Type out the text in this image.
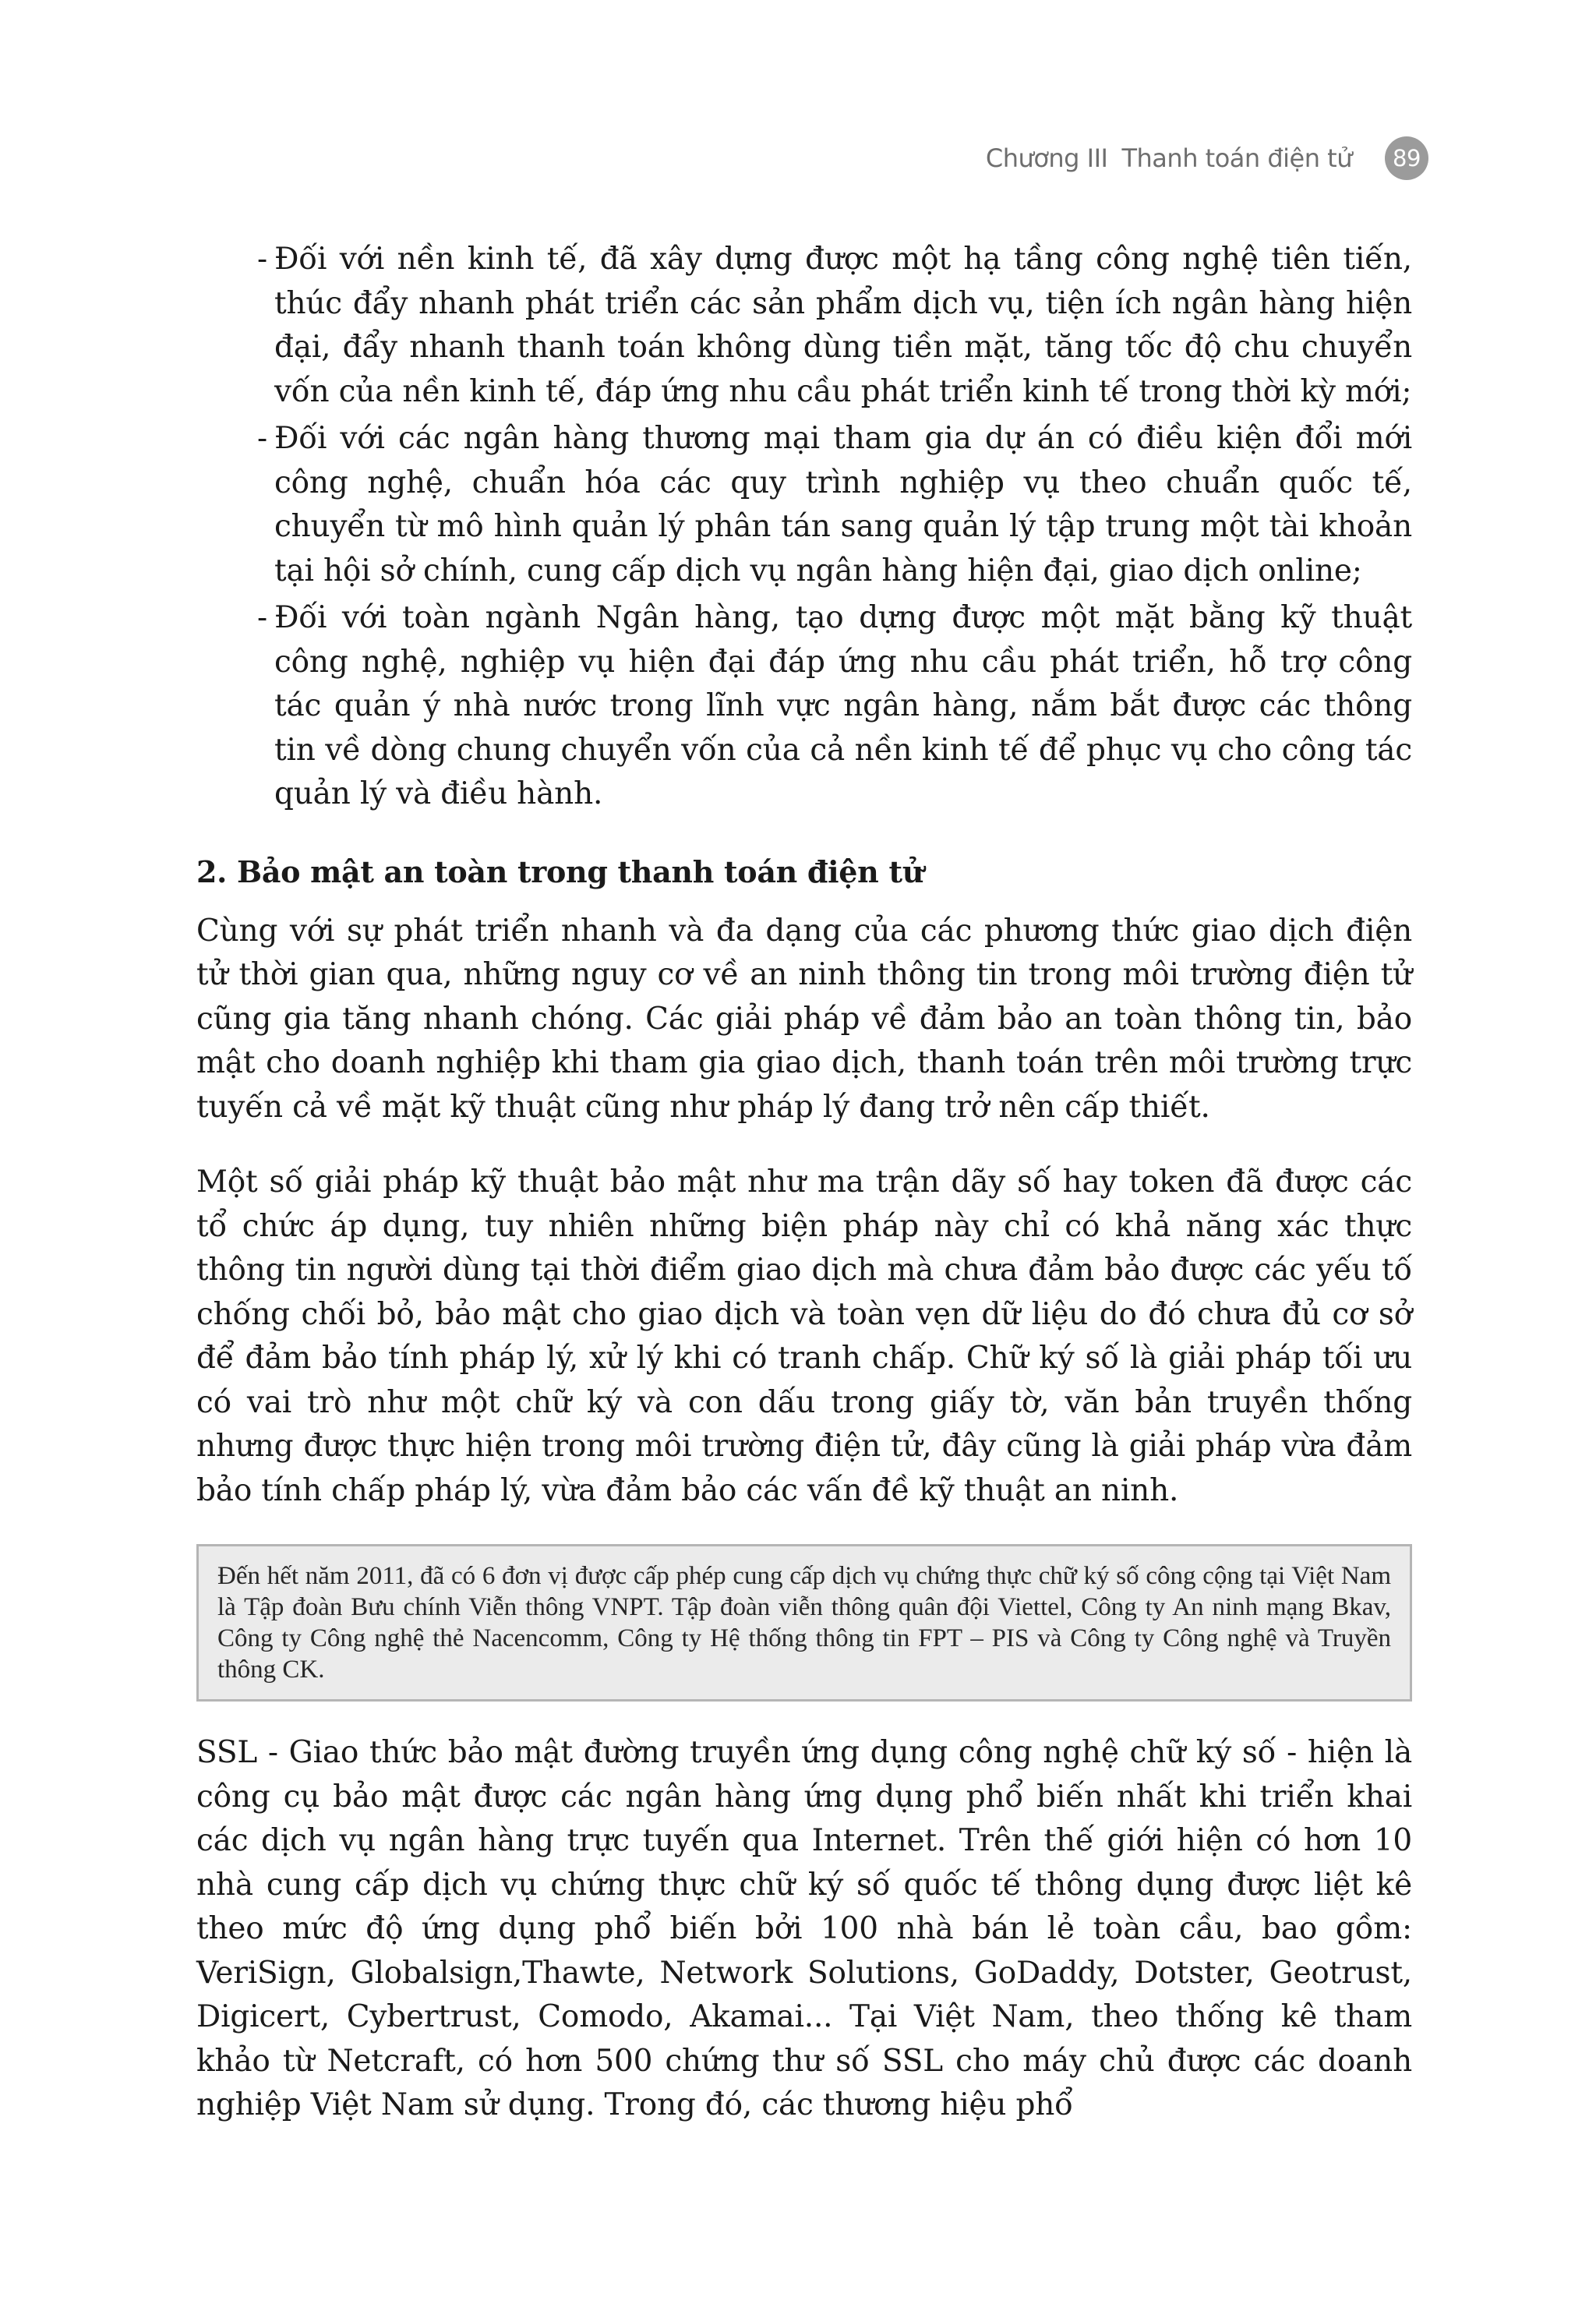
Chương III Thanh toán điện tử	89
- Đối với nền kinh tế, đã xây dựng được một hạ tầng công nghệ tiên tiến, thúc đẩy nhanh phát triển các sản phẩm dịch vụ, tiện ích ngân hàng hiện đại, đẩy nhanh thanh toán không dùng tiền mặt, tăng tốc độ chu chuyển vốn của nền kinh tế, đáp ứng nhu cầu phát triển kinh tế trong thời kỳ mới;
- Đối với các ngân hàng thương mại tham gia dự án có điều kiện đổi mới công nghệ, chuẩn hóa các quy trình nghiệp vụ theo chuẩn quốc tế, chuyển từ mô hình quản lý phân tán sang quản lý tập trung một tài khoản tại hội sở chính, cung cấp dịch vụ ngân hàng hiện đại, giao dịch online;
- Đối với toàn ngành Ngân hàng, tạo dựng được một mặt bằng kỹ thuật công nghệ, nghiệp vụ hiện đại đáp ứng nhu cầu phát triển, hỗ trợ công tác quản ý nhà nước trong lĩnh vực ngân hàng, nắm bắt được các thông tin về dòng chung chuyển vốn của cả nền kinh tế để phục vụ cho công tác quản lý và điều hành.
2. Bảo mật an toàn trong thanh toán điện tử

Cùng với sự phát triển nhanh và đa dạng của các phương thức giao dịch điện tử thời gian qua, những nguy cơ về an ninh thông tin trong môi trường điện tử cũng gia tăng nhanh chóng. Các giải pháp về đảm bảo an toàn thông tin, bảo mật cho doanh nghiệp khi tham gia giao dịch, thanh toán trên môi trường trực tuyến cả về mặt kỹ thuật cũng như pháp lý đang trở nên cấp thiết.

Một số giải pháp kỹ thuật bảo mật như ma trận dãy số hay token đã được các tổ chức áp dụng, tuy nhiên những biện pháp này chỉ có khả năng xác thực thông tin người dùng tại thời điểm giao dịch mà chưa đảm bảo được các yếu tố chống chối bỏ, bảo mật cho giao dịch và toàn vẹn dữ liệu do đó chưa đủ cơ sở để đảm bảo tính pháp lý, xử lý khi có tranh chấp. Chữ ký số là giải pháp tối ưu có vai trò như một chữ ký và con dấu trong giấy tờ, văn bản truyền thống nhưng được thực hiện trong môi trường điện tử, đây cũng là giải pháp vừa đảm bảo tính chấp pháp lý, vừa đảm bảo các vấn đề kỹ thuật an ninh.

Đến hết năm 2011, đã có 6 đơn vị được cấp phép cung cấp dịch vụ chứng thực chữ ký số công cộng tại Việt Nam là Tập đoàn Bưu chính Viễn thông VNPT. Tập đoàn viễn thông quân đội Viettel, Công ty An ninh mạng Bkav, Công ty Công nghệ thẻ Nacencomm, Công ty Hệ thống thông tin FPT – PIS và Công ty Công nghệ và Truyền thông CK.

SSL - Giao thức bảo mật đường truyền ứng dụng công nghệ chữ ký số - hiện là công cụ bảo mật được các ngân hàng ứng dụng phổ biến nhất khi triển khai các dịch vụ ngân hàng trực tuyến qua Internet. Trên thế giới hiện có hơn 10 nhà cung cấp dịch vụ chứng thực chữ ký số quốc tế thông dụng được liệt kê theo mức độ ứng dụng phổ biến bởi 100 nhà bán lẻ toàn cầu, bao gồm: VeriSign, Globalsign,Thawte, Network Solutions, GoDaddy, Dotster, Geotrust, Digicert, Cybertrust, Comodo, Akamai... Tại Việt Nam, theo thống kê tham khảo từ Netcraft, có hơn 500 chứng thư số SSL cho máy chủ được các doanh nghiệp Việt Nam sử dụng. Trong đó, các thương hiệu phổ
